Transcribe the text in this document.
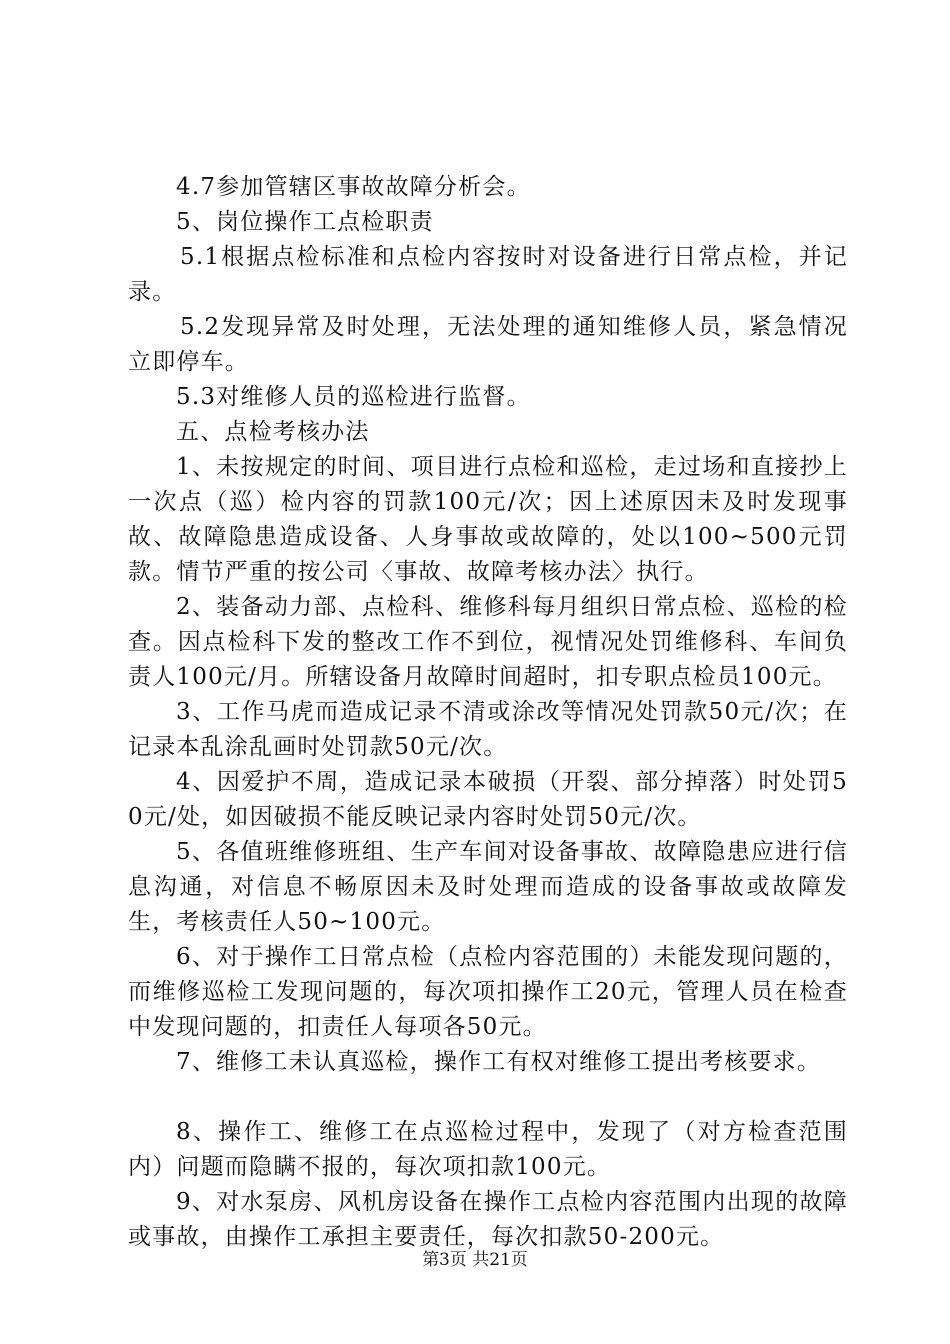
4.7参加管辖区事故故障分析会。

5、岗位操作工点检职责

5.1根据点检标准和点检内容按时对设备进行日常点检，并记录。

5.2发现异常及时处理，无法处理的通知维修人员，紧急情况立即停车。

5.3对维修人员的巡检进行监督。

五、点检考核办法

1、未按规定的时间、项目进行点检和巡检，走过场和直接抄上一次点（巡）检内容的罚款100元/次；因上述原因未及时发现事故、故障隐患造成设备、人身事故或故障的，处以100~500元罚款。情节严重的按公司〈事故、故障考核办法〉执行。

2、装备动力部、点检科、维修科每月组织日常点检、巡检的检查。因点检科下发的整改工作不到位，视情况处罚维修科、车间负责人100元/月。所辖设备月故障时间超时，扣专职点检员100元。

3、工作马虎而造成记录不清或涂改等情况处罚款50元/次；在记录本乱涂乱画时处罚款50元/次。

4、因爱护不周，造成记录本破损（开裂、部分掉落）时处罚50元/处，如因破损不能反映记录内容时处罚50元/次。

5、各值班维修班组、生产车间对设备事故、故障隐患应进行信息沟通，对信息不畅原因未及时处理而造成的设备事故或故障发生，考核责任人50~100元。

6、对于操作工日常点检（点检内容范围的）未能发现问题的，而维修巡检工发现问题的，每次项扣操作工20元，管理人员在检查中发现问题的，扣责任人每项各50元。

7、维修工未认真巡检，操作工有权对维修工提出考核要求。

8、操作工、维修工在点巡检过程中，发现了（对方检查范围内）问题而隐瞒不报的，每次项扣款100元。

9、对水泵房、风机房设备在操作工点检内容范围内出现的故障或事故，由操作工承担主要责任，每次扣款50-200元。

第3页 共21页
